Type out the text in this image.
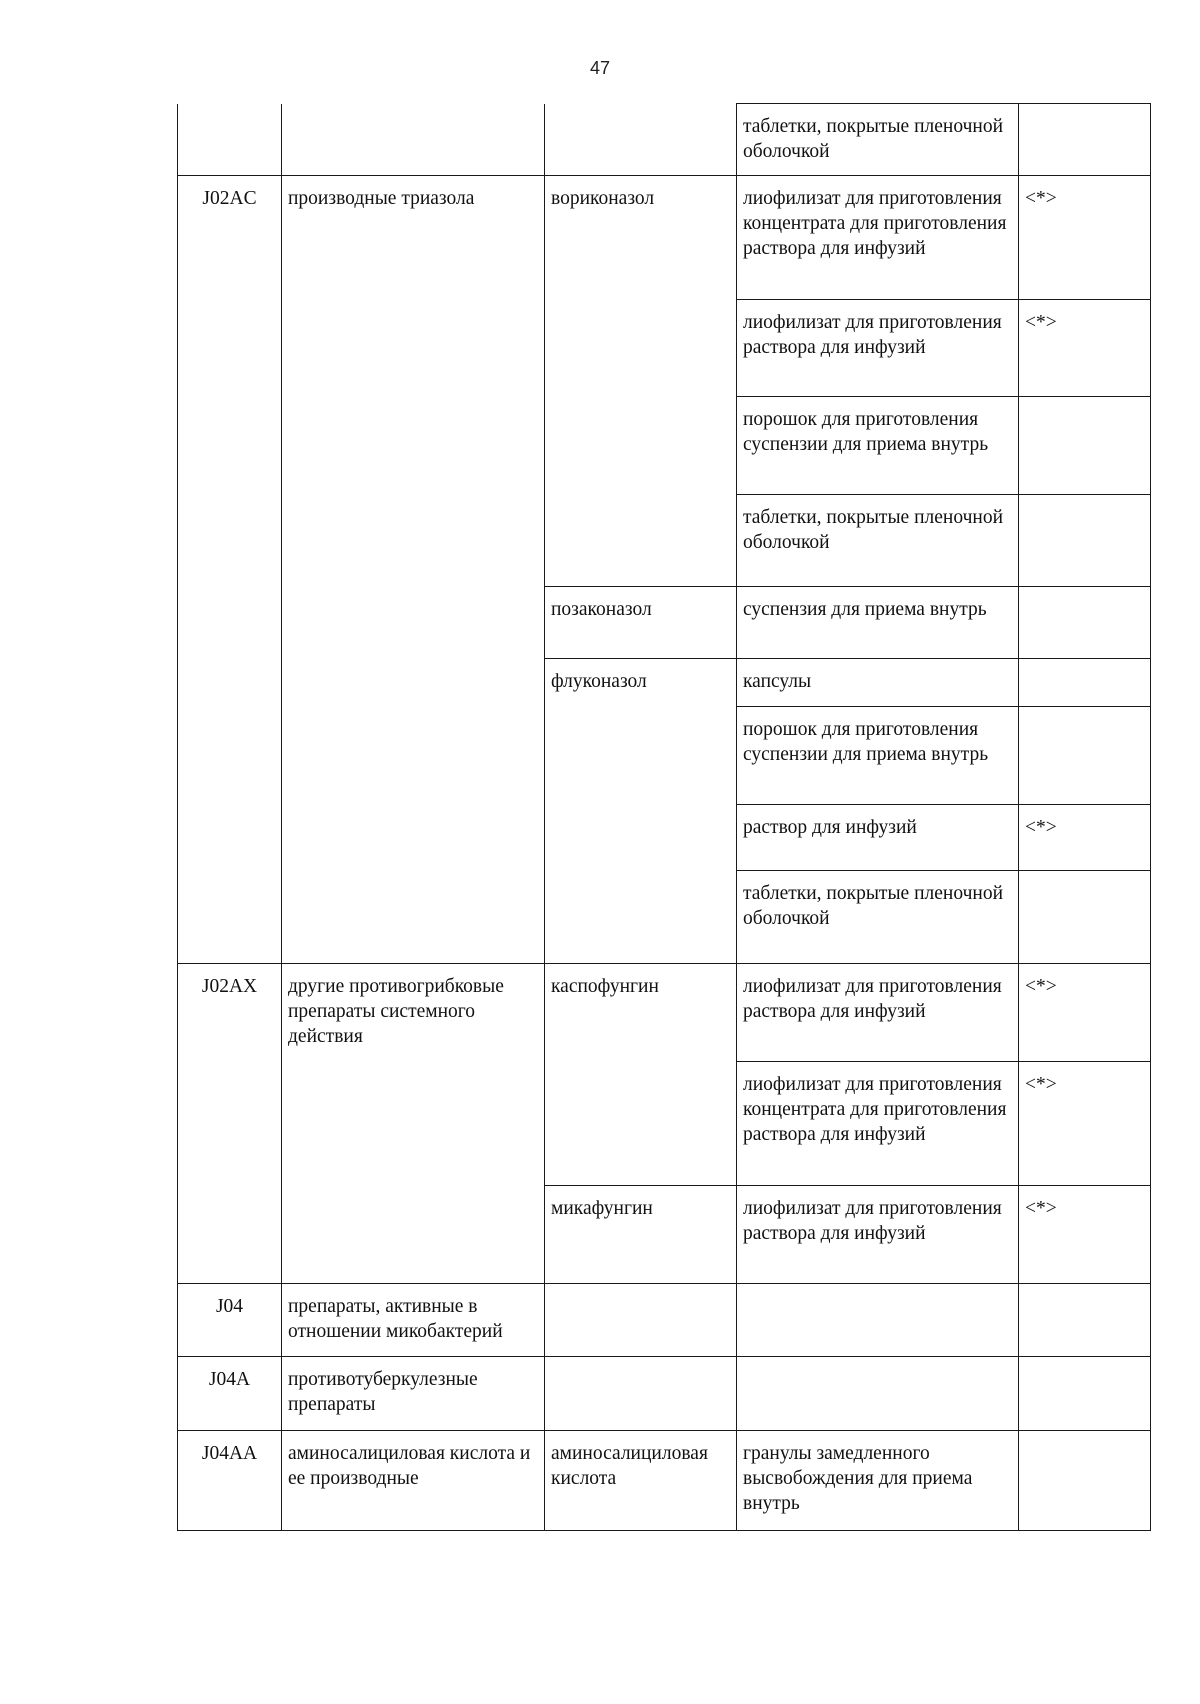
47
			таблетки, покрытые пленочной оболочкой	
J02AC	производные триазола	вориконазол	лиофилизат для приготовления концентрата для приготовления раствора для инфузий	<*>
			лиофилизат для приготовления раствора для инфузий	<*>
			порошок для приготовления суспензии для приема внутрь	
			таблетки, покрытые пленочной оболочкой	
		позаконазол	суспензия для приема внутрь	
		флуконазол	капсулы	
			порошок для приготовления суспензии для приема внутрь	
			раствор для инфузий	<*>
			таблетки, покрытые пленочной оболочкой	
J02AX	другие противогрибковые препараты системного действия	каспофунгин	лиофилизат для приготовления раствора для инфузий	<*>
			лиофилизат для приготовления концентрата для приготовления раствора для инфузий	<*>
		микафунгин	лиофилизат для приготовления раствора для инфузий	<*>
J04	препараты, активные в отношении микобактерий			
J04A	противотуберкулезные препараты			
J04AA	аминосалициловая кислота и ее производные	аминосалициловая кислота	гранулы замедленного высвобождения для приема внутрь	
